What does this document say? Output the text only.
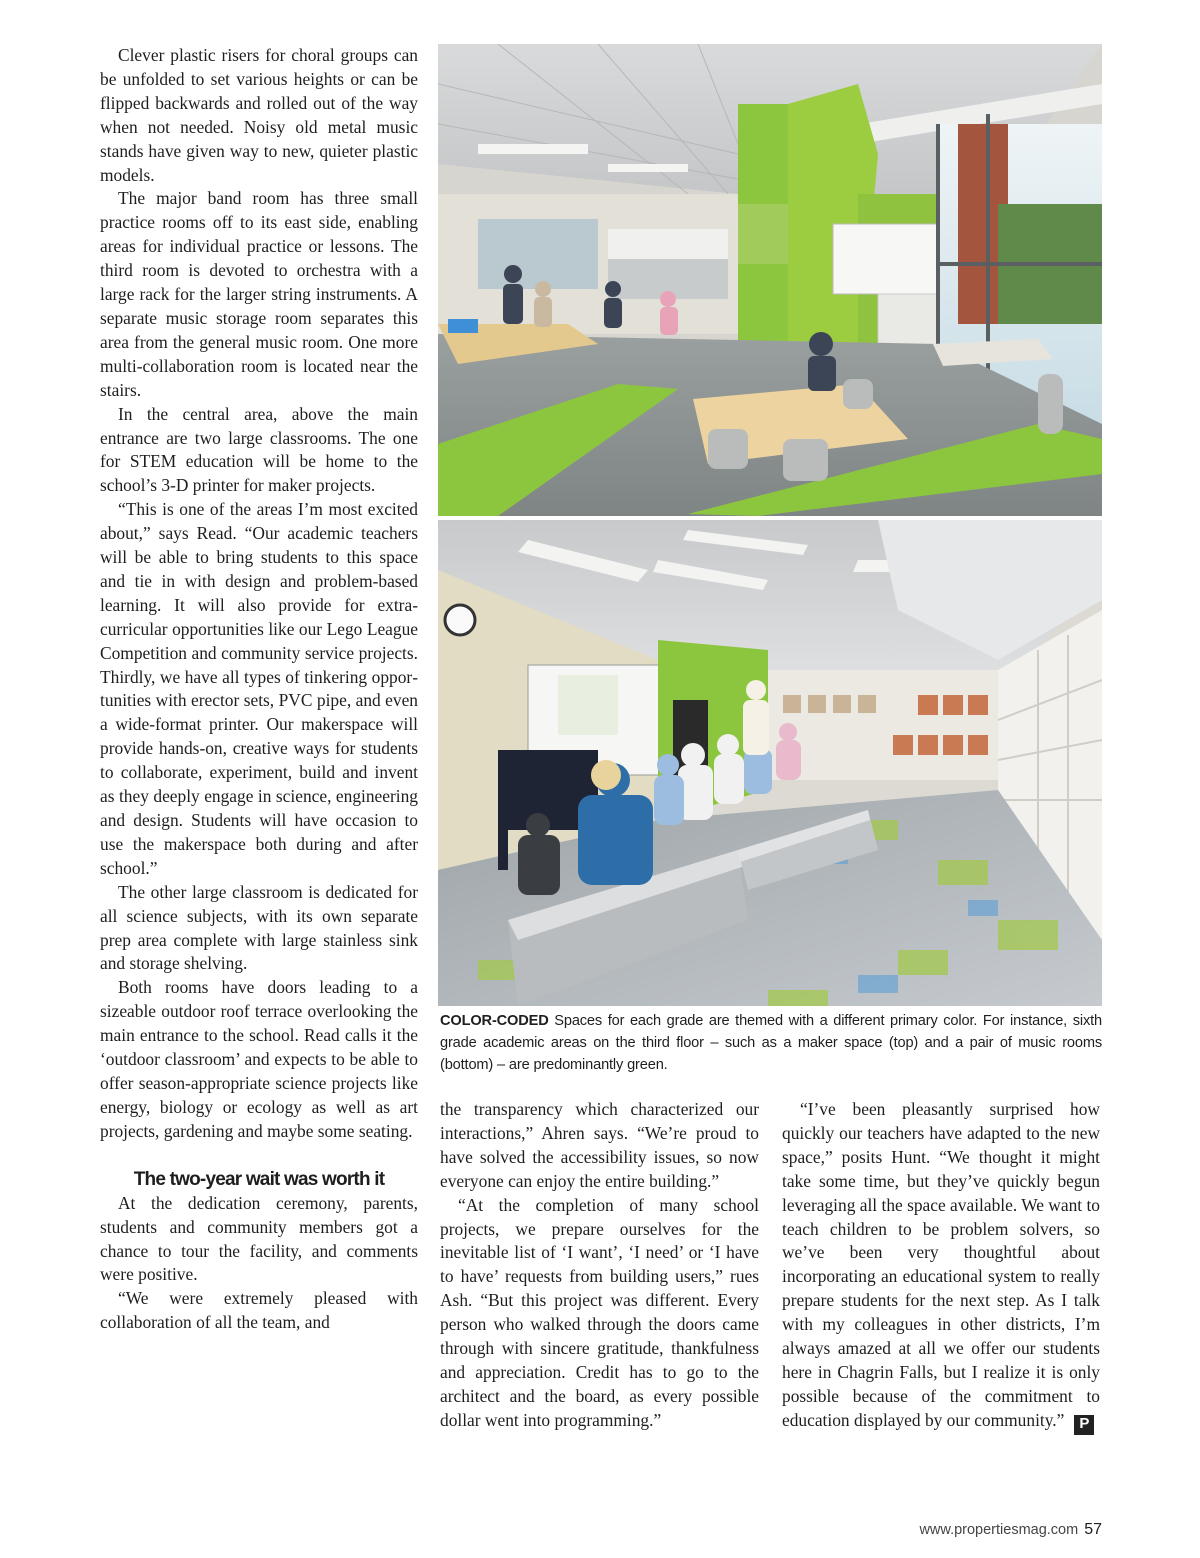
Clever plastic risers for choral groups can be unfolded to set various heights or can be flipped backwards and rolled out of the way when not needed. Noisy old metal music stands have given way to new, quieter plastic models.

The major band room has three small practice rooms off to its east side, enabling areas for individual practice or lessons. The third room is devoted to orchestra with a large rack for the larger string instruments. A separate music storage room separates this area from the general music room. One more multi-collaboration room is located near the stairs.

In the central area, above the main entrance are two large classrooms. The one for STEM education will be home to the school’s 3-D printer for maker projects.

“This is one of the areas I’m most excited about,” says Read. “Our academic teachers will be able to bring students to this space and tie in with design and problem-based learning. It will also provide for extra-curricular opportunities like our Lego League Competition and community service projects. Thirdly, we have all types of tinkering opportunities with erector sets, PVC pipe, and even a wide-format printer. Our makerspace will provide hands-on, creative ways for students to collaborate, experiment, build and invent as they deeply engage in science, engineering and design. Students will have occasion to use the makerspace both during and after school.”

The other large classroom is dedicated for all science subjects, with its own separate prep area complete with large stainless sink and storage shelving.

Both rooms have doors leading to a sizeable outdoor roof terrace overlooking the main entrance to the school. Read calls it the ‘outdoor classroom’ and expects to be able to offer season-appropriate science projects like energy, biology or ecology as well as art projects, gardening and maybe some seating.

The two-year wait was worth it

At the dedication ceremony, parents, students and community members got a chance to tour the facility, and comments were positive.

“We were extremely pleased with collaboration of all the team, and

COLOR-CODED Spaces for each grade are themed with a different primary color. For instance, sixth grade academic areas on the third floor – such as a maker space (top) and a pair of music rooms (bottom) – are predominantly green.

the transparency which characterized our interactions,” Ahren says. “We’re proud to have solved the accessibility issues, so now everyone can enjoy the entire building.”

“At the completion of many school projects, we prepare ourselves for the inevitable list of ‘I want’, ‘I need’ or ‘I have to have’ requests from building users,” rues Ash. “But this project was different. Every person who walked through the doors came through with sincere gratitude, thankfulness and appreciation. Credit has to go to the architect and the board, as every possible dollar went into programming.”

“I’ve been pleasantly surprised how quickly our teachers have adapted to the new space,” posits Hunt. “We thought it might take some time, but they’ve quickly begun leveraging all the space available. We want to teach children to be problem solvers, so we’ve been very thoughtful about incorporating an educational system to really prepare students for the next step. As I talk with my colleagues in other districts, I’m always amazed at all we offer our students here in Chagrin Falls, but I realize it is only possible because of the commitment to education displayed by our community.” P

www.propertiesmag.com 57
